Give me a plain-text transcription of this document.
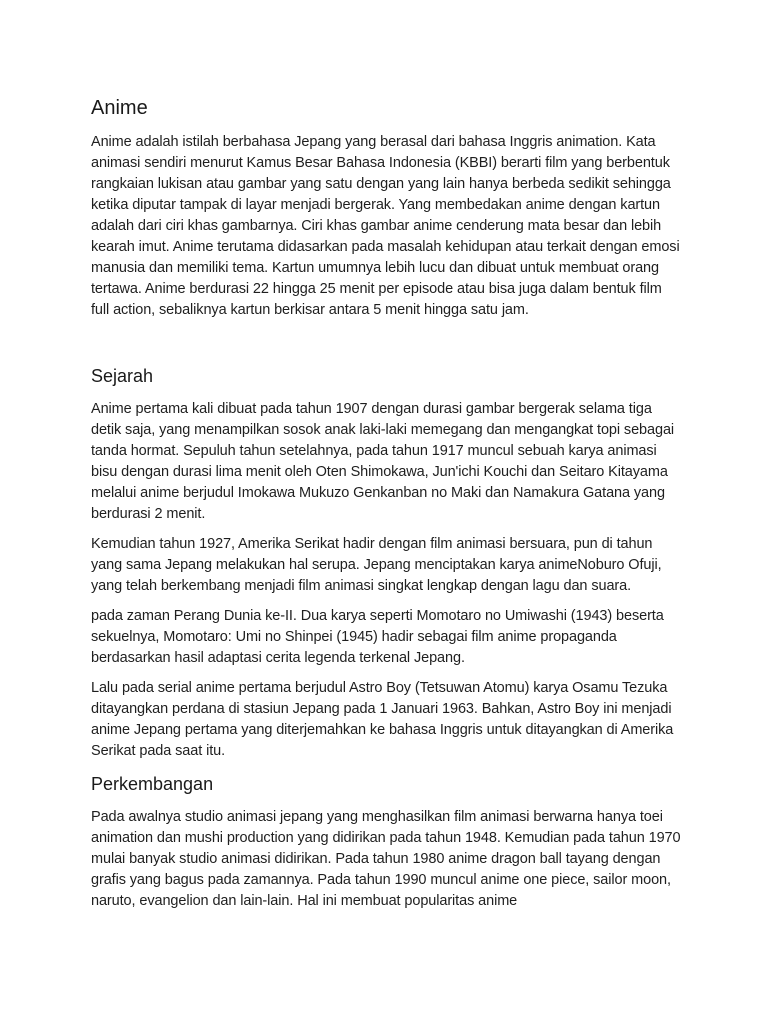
Anime

Anime adalah istilah berbahasa Jepang yang berasal dari bahasa Inggris animation. Kata animasi sendiri menurut Kamus Besar Bahasa Indonesia (KBBI) berarti film yang berbentuk rangkaian lukisan atau gambar yang satu dengan yang lain hanya berbeda sedikit sehingga ketika diputar tampak di layar menjadi bergerak. Yang membedakan anime dengan kartun adalah dari ciri khas gambarnya. Ciri khas gambar anime cenderung mata besar dan lebih kearah imut. Anime terutama didasarkan pada masalah kehidupan atau terkait dengan emosi manusia dan memiliki tema. Kartun umumnya lebih lucu dan dibuat untuk membuat orang tertawa. Anime berdurasi 22 hingga 25 menit per episode atau bisa juga dalam bentuk film full action, sebaliknya kartun berkisar antara 5 menit hingga satu jam.

Sejarah

Anime pertama kali dibuat pada tahun 1907 dengan durasi gambar bergerak selama tiga detik saja, yang menampilkan sosok anak laki-laki memegang dan mengangkat topi sebagai tanda hormat. Sepuluh tahun setelahnya, pada tahun 1917 muncul sebuah karya animasi bisu dengan durasi lima menit oleh Oten Shimokawa, Jun'ichi Kouchi dan Seitaro Kitayama melalui anime berjudul Imokawa Mukuzo Genkanban no Maki dan Namakura Gatana yang berdurasi 2 menit.

Kemudian tahun 1927, Amerika Serikat hadir dengan film animasi bersuara, pun di tahun yang sama Jepang melakukan hal serupa. Jepang menciptakan karya animeNoburo Ofuji, yang telah berkembang menjadi film animasi singkat lengkap dengan lagu dan suara.

pada zaman Perang Dunia ke-II. Dua karya seperti Momotaro no Umiwashi (1943) beserta sekuelnya, Momotaro: Umi no Shinpei (1945) hadir sebagai film anime propaganda berdasarkan hasil adaptasi cerita legenda terkenal Jepang.

Lalu pada serial anime pertama berjudul Astro Boy (Tetsuwan Atomu) karya Osamu Tezuka ditayangkan perdana di stasiun Jepang pada 1 Januari 1963. Bahkan, Astro Boy ini menjadi anime Jepang pertama yang diterjemahkan ke bahasa Inggris untuk ditayangkan di Amerika Serikat pada saat itu.

Perkembangan

Pada awalnya studio animasi jepang yang menghasilkan film animasi berwarna hanya toei animation dan mushi production yang didirikan pada tahun 1948. Kemudian pada tahun 1970 mulai banyak studio animasi didirikan. Pada tahun 1980 anime dragon ball tayang dengan grafis yang bagus pada zamannya. Pada tahun 1990 muncul anime one piece, sailor moon, naruto, evangelion dan lain-lain. Hal ini membuat popularitas anime
